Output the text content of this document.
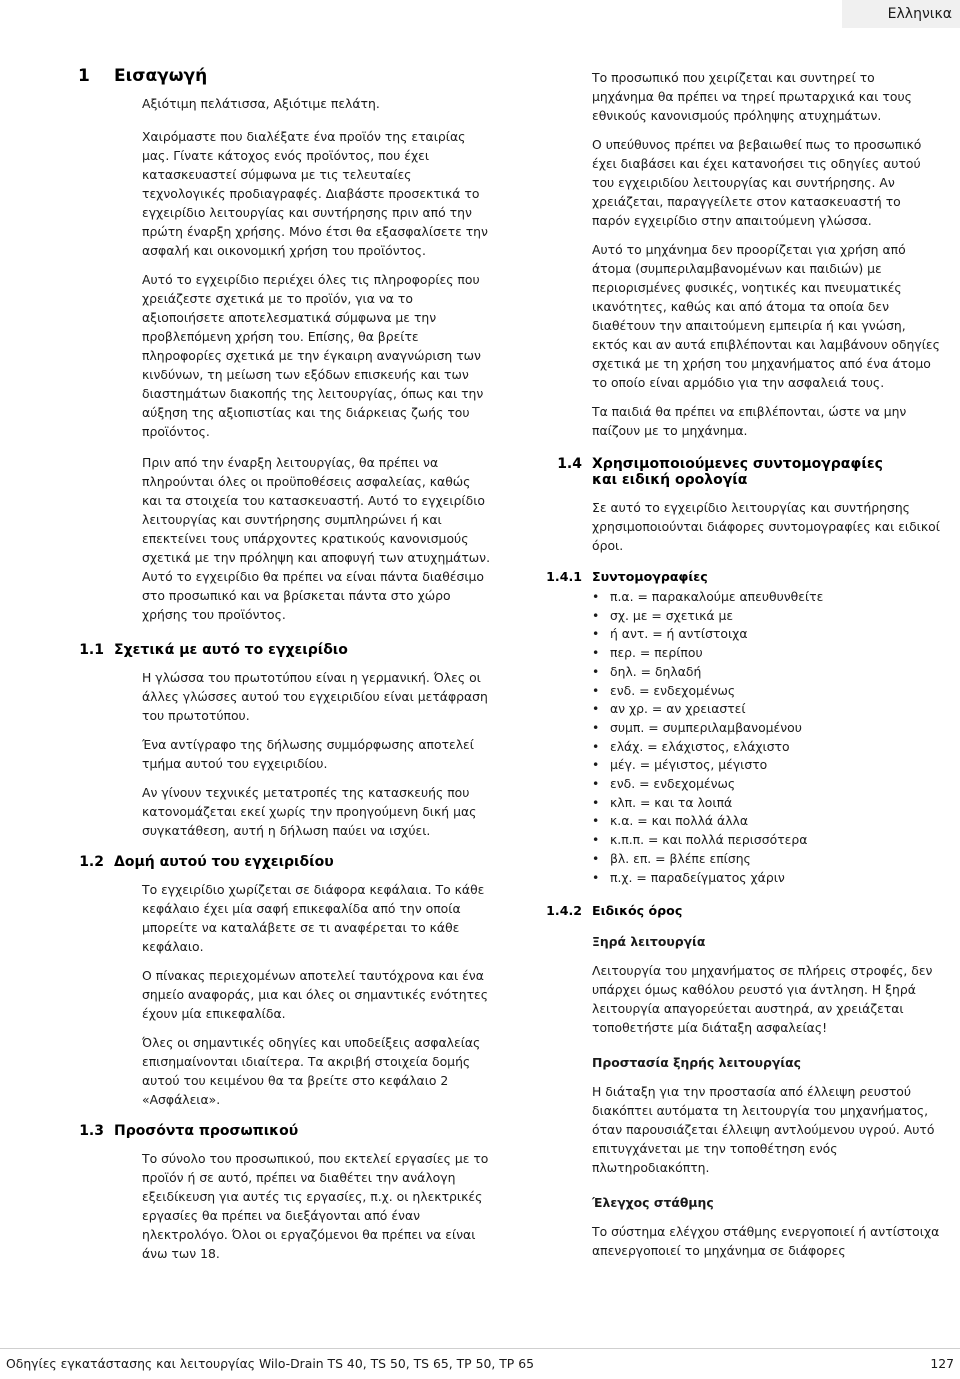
Ελληνικα
1	Εισαγωγή

Αξιότιμη πελάτισσα, Αξιότιμε πελάτη.

Χαιρόμαστε που διαλέξατε ένα προϊόν της εταιρίας μας. Γίνατε κάτοχος ενός προϊόντος, που έχει κατασκευαστεί σύμφωνα με τις τελευταίες τεχνολογικές προδιαγραφές. Διαβάστε προσεκτικά το εγχειρίδιο λειτουργίας και συντήρησης πριν από την πρώτη έναρξη χρήσης. Μόνο έτσι θα εξασφαλίσετε την ασφαλή και οικονομική χρήση του προϊόντος.

Αυτό το εγχειρίδιο περιέχει όλες τις πληροφορίες που χρειάζεστε σχετικά με το προϊόν, για να το αξιοποιήσετε αποτελεσματικά σύμφωνα με την προβλεπόμενη χρήση του. Επίσης, θα βρείτε πληροφορίες σχετικά με την έγκαιρη αναγνώριση των κινδύνων, τη μείωση των εξόδων επισκευής και των διαστημάτων διακοπής της λειτουργίας, όπως και την αύξηση της αξιοπιστίας και της διάρκειας ζωής του προϊόντος.

Πριν από την έναρξη λειτουργίας, θα πρέπει να πληρούνται όλες οι προϋποθέσεις ασφαλείας, καθώς και τα στοιχεία του κατασκευαστή. Αυτό το εγχειρίδιο λειτουργίας και συντήρησης συμπληρώνει ή και επεκτείνει τους υπάρχοντες κρατικούς κανονισμούς σχετικά με την πρόληψη και αποφυγή των ατυχημάτων. Αυτό το εγχειρίδιο θα πρέπει να είναι πάντα διαθέσιμο στο προσωπικό και να βρίσκεται πάντα στο χώρο χρήσης του προϊόντος.

1.1 Σχετικά με αυτό το εγχειρίδιο

Η γλώσσα του πρωτοτύπου είναι η γερμανική. Όλες οι άλλες γλώσσες αυτού του εγχειριδίου είναι μετάφραση του πρωτοτύπου.

Ένα αντίγραφο της δήλωσης συμμόρφωσης αποτελεί τμήμα αυτού του εγχειριδίου.

Αν γίνουν τεχνικές μετατροπές της κατασκευής που κατονομάζεται εκεί χωρίς την προηγούμενη δική μας συγκατάθεση, αυτή η δήλωση παύει να ισχύει.

1.2 Δομή αυτού του εγχειριδίου

Το εγχειρίδιο χωρίζεται σε διάφορα κεφάλαια. Το κάθε κεφάλαιο έχει μία σαφή επικεφαλίδα από την οποία μπορείτε να καταλάβετε σε τι αναφέρεται το κάθε κεφάλαιο.

Ο πίνακας περιεχομένων αποτελεί ταυτόχρονα και ένα σημείο αναφοράς, μια και όλες οι σημαντικές ενότητες έχουν μία επικεφαλίδα.

Όλες οι σημαντικές οδηγίες και υποδείξεις ασφαλείας επισημαίνονται ιδιαίτερα. Τα ακριβή στοιχεία δομής αυτού του κειμένου θα τα βρείτε στο κεφάλαιο 2 «Ασφάλεια».

1.3 Προσόντα προσωπικού

Το σύνολο του προσωπικού, που εκτελεί εργασίες με το προϊόν ή σε αυτό, πρέπει να διαθέτει την ανάλογη εξειδίκευση για αυτές τις εργασίες, π.χ. οι ηλεκτρικές εργασίες θα πρέπει να διεξάγονται από έναν ηλεκτρολόγο. Όλοι οι εργαζόμενοι θα πρέπει να είναι άνω των 18.

Το προσωπικό που χειρίζεται και συντηρεί το μηχάνημα θα πρέπει να τηρεί πρωταρχικά και τους εθνικούς κανονισμούς πρόληψης ατυχημάτων.

Ο υπεύθυνος πρέπει να βεβαιωθεί πως το προσωπικό έχει διαβάσει και έχει κατανοήσει τις οδηγίες αυτού του εγχειριδίου λειτουργίας και συντήρησης. Αν χρειάζεται, παραγγείλετε στον κατασκευαστή το παρόν εγχειρίδιο στην απαιτούμενη γλώσσα.

Αυτό το μηχάνημα δεν προορίζεται για χρήση από άτομα (συμπεριλαμβανομένων και παιδιών) με περιορισμένες φυσικές, νοητικές και πνευματικές ικανότητες, καθώς και από άτομα τα οποία δεν διαθέτουν την απαιτούμενη εμπειρία ή και γνώση, εκτός και αν αυτά επιβλέπονται και λαμβάνουν οδηγίες σχετικά με τη χρήση του μηχανήματος από ένα άτομο το οποίο είναι αρμόδιο για την ασφαλειά τους.

Τα παιδιά θα πρέπει να επιβλέπονται, ώστε να μην παίζουν με το μηχάνημα.

1.4 Χρησιμοποιούμενες συντομογραφίες και ειδική ορολογία

Σε αυτό το εγχειρίδιο λειτουργίας και συντήρησης χρησιμοποιούνται διάφορες συντομογραφίες και ειδικοί όροι.

1.4.1 Συντομογραφίες
• π.α. = παρακαλούμε απευθυνθείτε
• σχ. με = σχετικά με
• ή αντ. = ή αντίστοιχα
• περ. = περίπου
• δηλ. = δηλαδή
• ενδ. = ενδεχομένως
• αν χρ. = αν χρειαστεί
• συμπ. = συμπεριλαμβανομένου
• ελάχ. = ελάχιστος, ελάχιστο
• μέγ. = μέγιστος, μέγιστο
• ενδ. = ενδεχομένως
• κλπ. = και τα λοιπά
• κ.α. = και πολλά άλλα
• κ.π.π. = και πολλά περισσότερα
• βλ. επ. = βλέπε επίσης
• π.χ. = παραδείγματος χάριν
1.4.2 Ειδικός όρος
Ξηρά λειτουργία

Λειτουργία του μηχανήματος σε πλήρεις στροφές, δεν υπάρχει όμως καθόλου ρευστό για άντληση. Η ξηρά λειτουργία απαγορεύεται αυστηρά, αν χρειάζεται τοποθετήστε μία διάταξη ασφαλείας!

Προστασία ξηρής λειτουργίας

Η διάταξη για την προστασία από έλλειψη ρευστού διακόπτει αυτόματα τη λειτουργία του μηχανήματος, όταν παρουσιάζεται έλλειψη αντλούμενου υγρού. Αυτό επιτυγχάνεται με την τοποθέτηση ενός πλωτηροδιακόπτη.

Έλεγχος στάθμης

Το σύστημα ελέγχου στάθμης ενεργοποιεί ή αντίστοιχα απενεργοποιεί το μηχάνημα σε διάφορες

Οδηγίες εγκατάστασης και λειτουργίας Wilo-Drain TS 40, TS 50, TS 65, TP 50, TP 65	127
